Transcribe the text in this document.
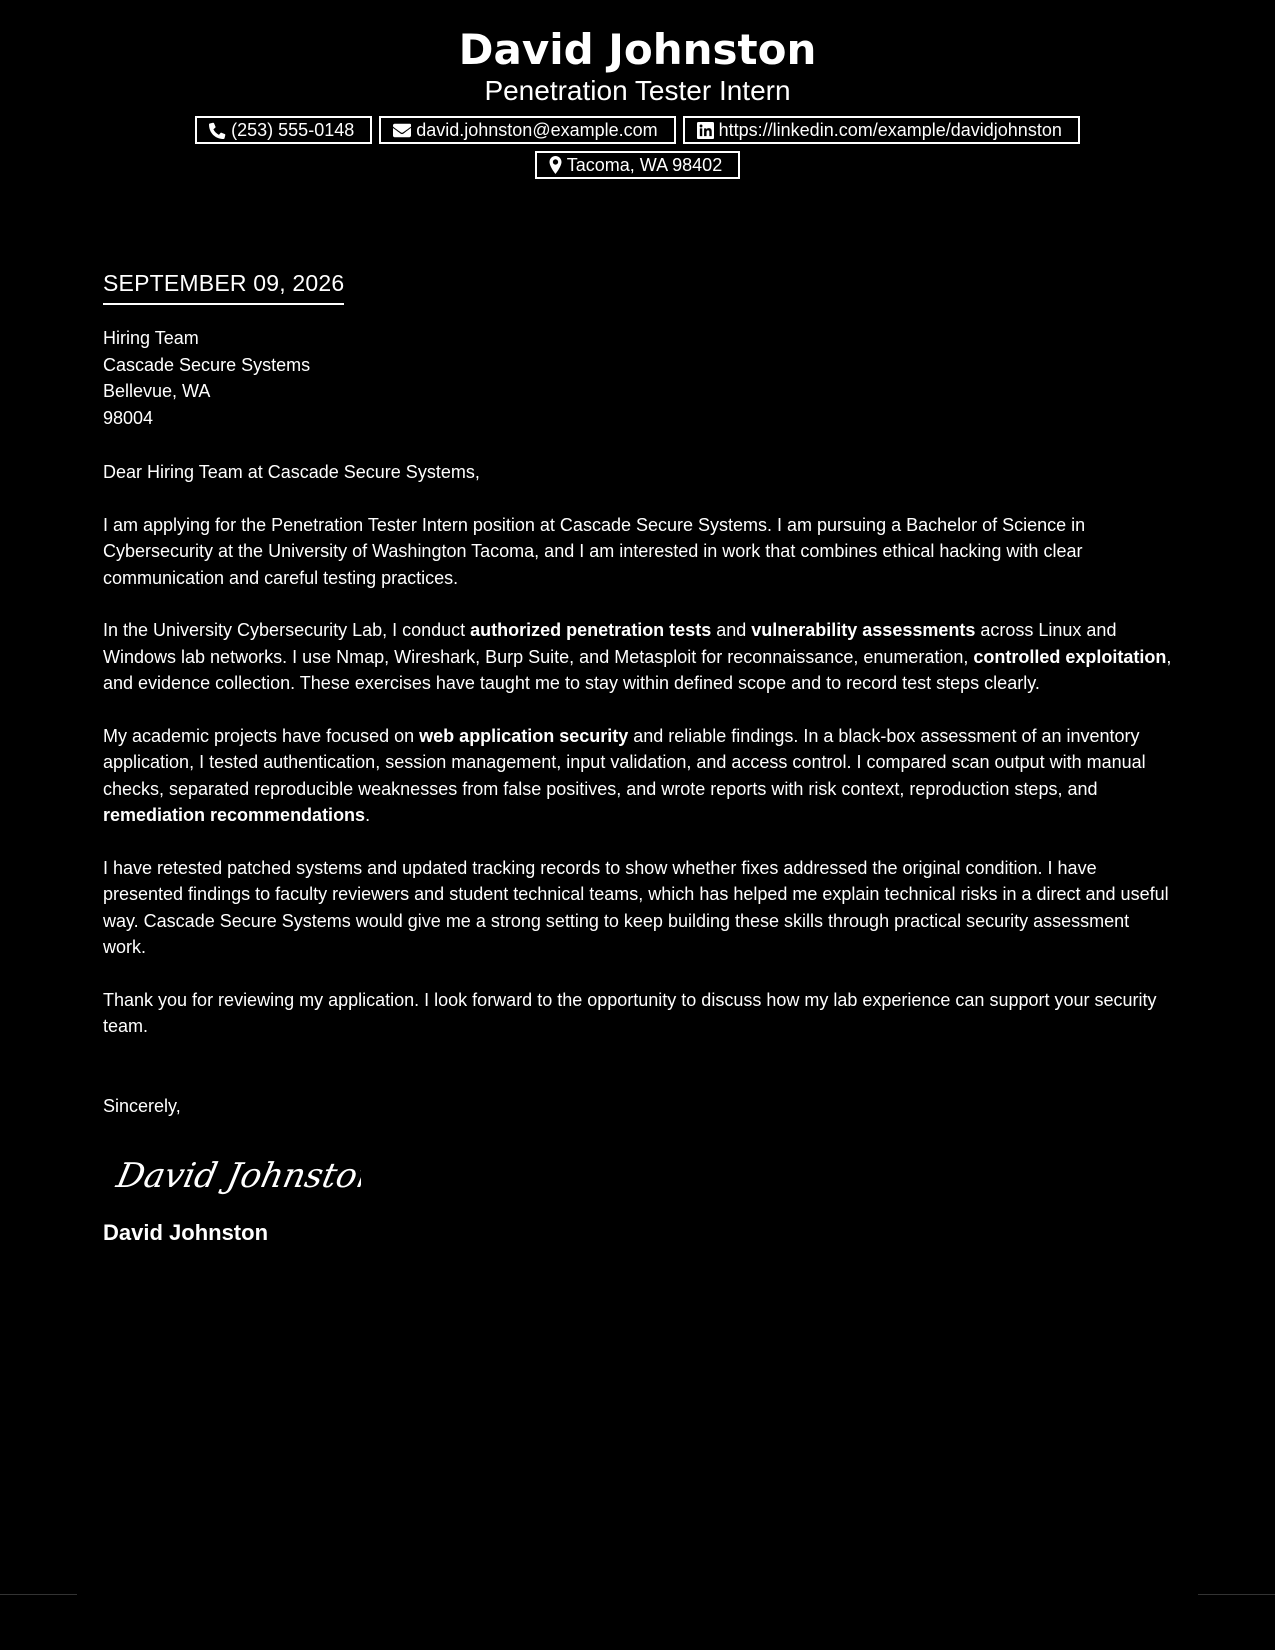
David Johnston
Penetration Tester Intern
(253) 555-0148	david.johnston@example.com	https://linkedin.com/example/davidjohnston
Tacoma, WA 98402
SEPTEMBER 09, 2026
Hiring Team
Cascade Secure Systems
Bellevue, WA
98004

Dear Hiring Team at Cascade Secure Systems,

I am applying for the Penetration Tester Intern position at Cascade Secure Systems. I am pursuing a Bachelor of Science in Cybersecurity at the University of Washington Tacoma, and I am interested in work that combines ethical hacking with clear communication and careful testing practices.

In the University Cybersecurity Lab, I conduct authorized penetration tests and vulnerability assessments across Linux and Windows lab networks. I use Nmap, Wireshark, Burp Suite, and Metasploit for reconnaissance, enumeration, controlled exploitation, and evidence collection. These exercises have taught me to stay within defined scope and to record test steps clearly.

My academic projects have focused on web application security and reliable findings. In a black-box assessment of an inventory application, I tested authentication, session management, input validation, and access control. I compared scan output with manual checks, separated reproducible weaknesses from false positives, and wrote reports with risk context, reproduction steps, and remediation recommendations.

I have retested patched systems and updated tracking records to show whether fixes addressed the original condition. I have presented findings to faculty reviewers and student technical teams, which has helped me explain technical risks in a direct and useful way. Cascade Secure Systems would give me a strong setting to keep building these skills through practical security assessment work.

Thank you for reviewing my application. I look forward to the opportunity to discuss how my lab experience can support your security team.

Sincerely,
David Johnston
David Johnston
